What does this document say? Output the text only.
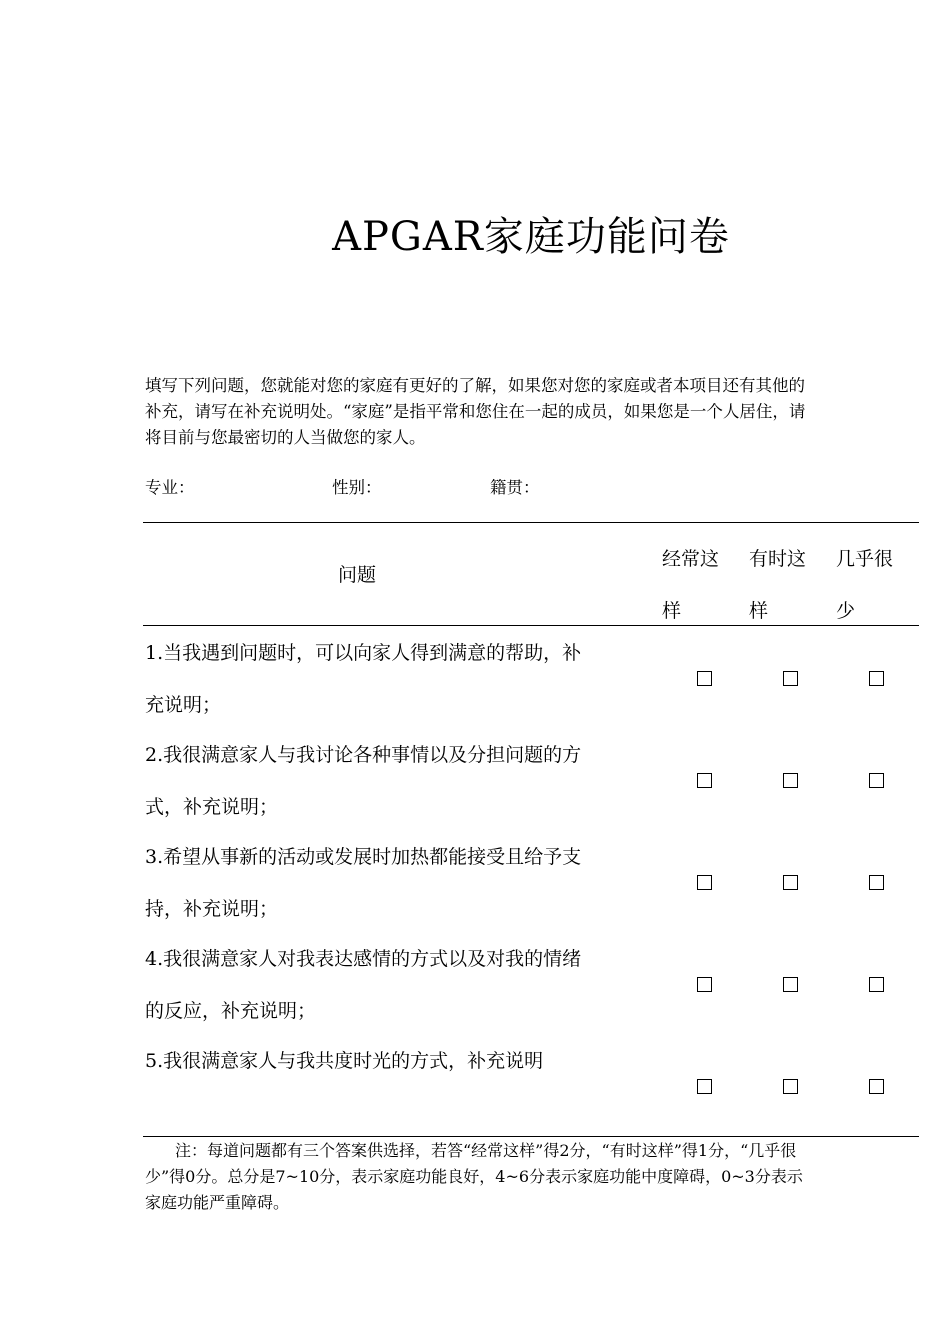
APGAR家庭功能问卷
填写下列问题，您就能对您的家庭有更好的了解，如果您对您的家庭或者本项目还有其他的补充，请写在补充说明处。“家庭”是指平常和您住在一起的成员，如果您是一个人居住，请将目前与您最密切的人当做您的家人。
专业：	性别：	籍贯：
问题
经常这样
有时这样
几乎很少
1.当我遇到问题时，可以向家人得到满意的帮助，补充说明；
2.我很满意家人与我讨论各种事情以及分担问题的方式，补充说明；
3.希望从事新的活动或发展时加热都能接受且给予支持，补充说明；
4.我很满意家人对我表达感情的方式以及对我的情绪的反应，补充说明；
5.我很满意家人与我共度时光的方式，补充说明
注：每道问题都有三个答案供选择，若答“经常这样”得2分，“有时这样”得1分，“几乎很少”得0分。总分是7~10分，表示家庭功能良好，4~6分表示家庭功能中度障碍，0~3分表示家庭功能严重障碍。
